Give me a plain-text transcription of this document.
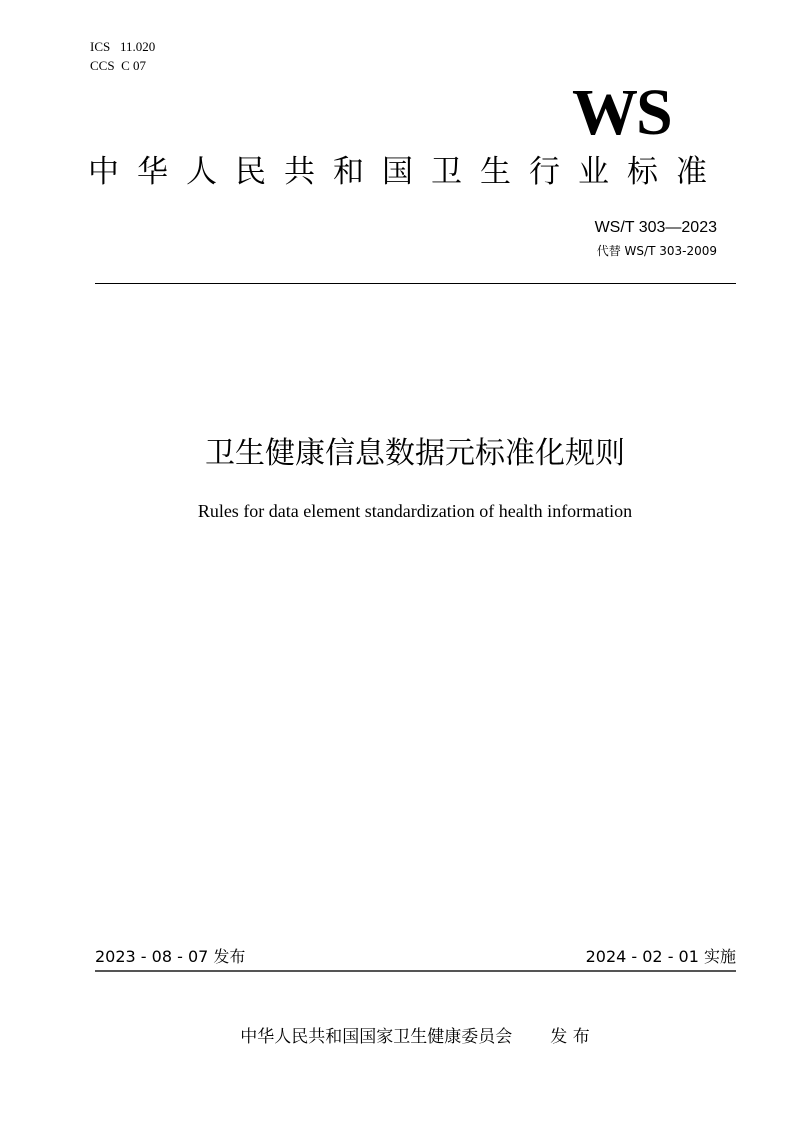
ICS   11.020
CCS  C 07
WS
中华人民共和国卫生行业标准
WS/T 303—2023
代替 WS/T 303-2009
卫生健康信息数据元标准化规则
Rules for data element standardization of health information
2023 - 08 - 07 发布	2024 - 02 - 01 实施
中华人民共和国国家卫生健康委员会 发 布
